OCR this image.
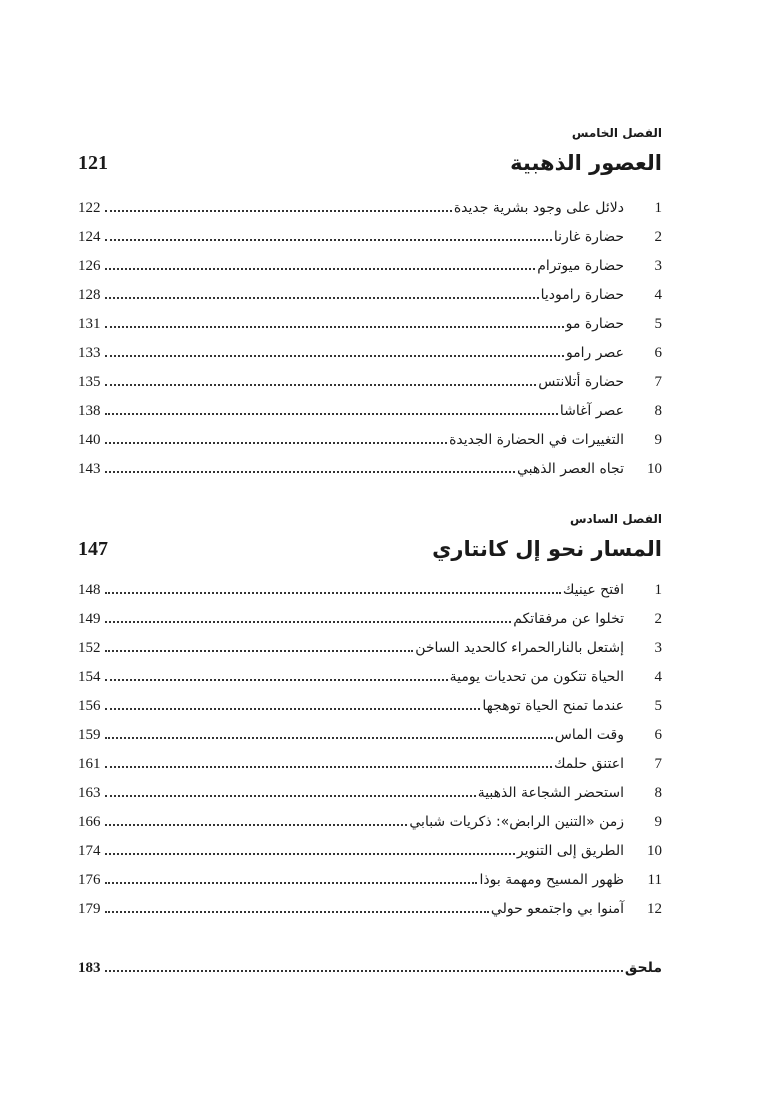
الفصل الخامس
121	العصور الذهبية
1
دلائل على وجود بشرية جديدة
122
2
حضارة غارنا
124
3
حضارة ميوترام
126
4
حضارة راموديا
128
5
حضارة مو
131
6
عصر رامو
133
7
حضارة أتلانتس
135
8
عصر آغاشا
138
9
التغييرات في الحضارة الجديدة
140
10
تجاه العصر الذهبي
143
الفصل السادس
147	المسار نحو إل كانتاري
1
افتح عينيك
148
2
تخلوا عن مرفقاتكم
149
3
إشتعل بالنارالحمراء كالحديد الساخن
152
4
الحياة تتكون من تحديات يومية
154
5
عندما تمنح الحياة توهجها
156
6
وقت الماس
159
7
اعتنق حلمك
161
8
استحضر الشجاعة الذهبية
163
9
زمن «التنين الرابض»: ذكريات شبابي
166
10
الطريق إلى التنوير
174
11
ظهور المسيح ومهمة بوذا
176
12
آمنوا بي واجتمعو حولي
179
ملحق
183
